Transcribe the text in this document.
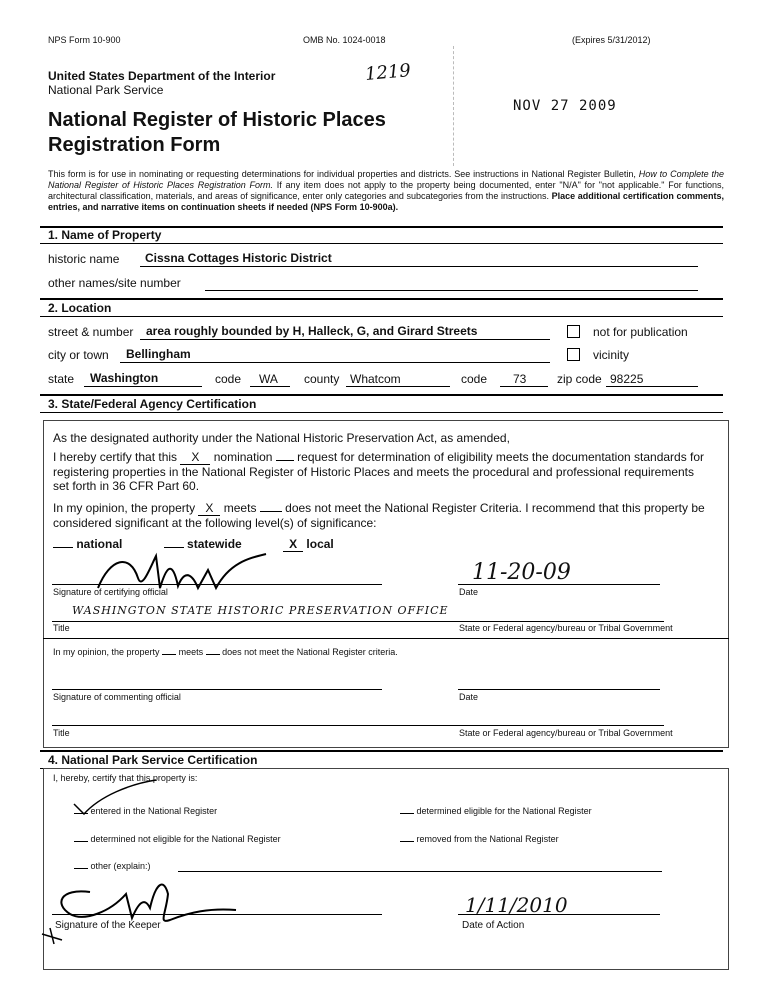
NPS Form 10-900	OMB No. 1024-0018	(Expires 5/31/2012)
United States Department of the Interior
National Park Service
1219
NOV 27 2009
National Register of Historic Places
Registration Form
This form is for use in nominating or requesting determinations for individual properties and districts. See instructions in National Register Bulletin, How to Complete the National Register of Historic Places Registration Form. If any item does not apply to the property being documented, enter "N/A" for "not applicable." For functions, architectural classification, materials, and areas of significance, enter only categories and subcategories from the instructions. Place additional certification comments, entries, and narrative items on continuation sheets if needed (NPS Form 10-900a).
1. Name of Property
historic name Cissna Cottages Historic District
other names/site number
2. Location
street & number area roughly bounded by H, Halleck, G, and Girard Streets	not for publication
city or town Bellingham	vicinity
state Washington	code WA county Whatcom	code 73	zip code 98225
3. State/Federal Agency Certification
As the designated authority under the National Historic Preservation Act, as amended,
I hereby certify that this X nomination request for determination of eligibility meets the documentation standards for registering properties in the National Register of Historic Places and meets the procedural and professional requirements set forth in 36 CFR Part 60.
In my opinion, the property X meets does not meet the National Register Criteria. I recommend that this property be considered significant at the following level(s) of significance:
national	statewide	X local
Signature of certifying official
11-20-09
Date
WASHINGTON STATE HISTORIC PRESERVATION OFFICE
Title	State or Federal agency/bureau or Tribal Government
In my opinion, the property meets does not meet the National Register criteria.
Signature of commenting official	Date
Title	State or Federal agency/bureau or Tribal Government
4. National Park Service Certification
I, hereby, certify that this property is:
entered in the National Register	determined eligible for the National Register
determined not eligible for the National Register	removed from the National Register
other (explain:)
Signature of the Keeper
1/11/2010
Date of Action
